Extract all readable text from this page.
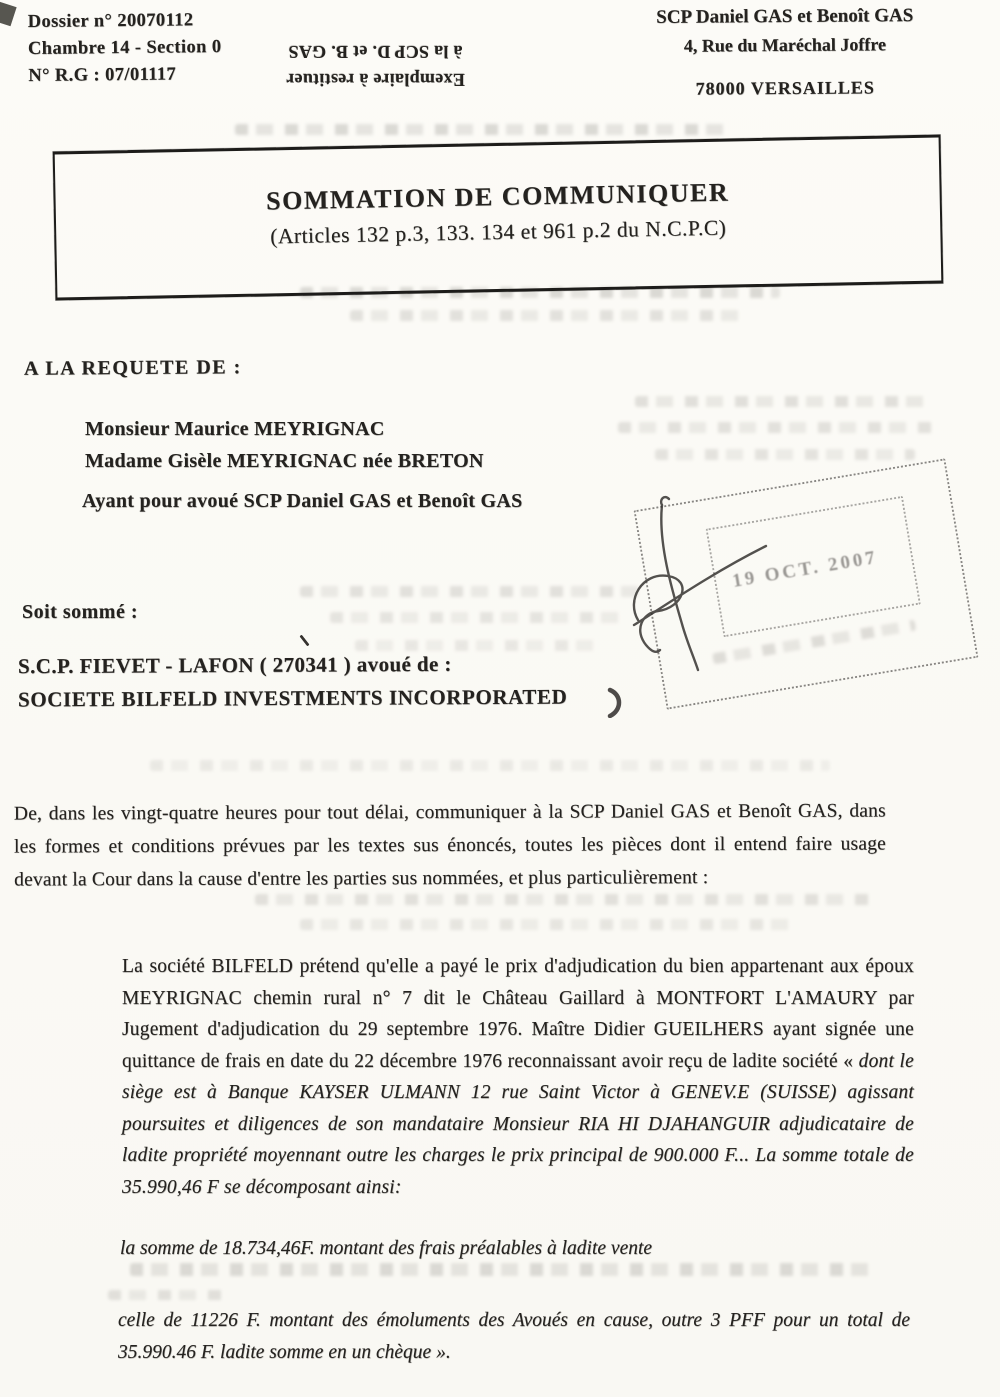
Dossier n° 20070112
Chambre 14 - Section 0
N° R.G : 07/01117	Exemplaire à restituer
à la SCP D. et B. GAS
SCP Daniel GAS et Benoît GAS
4, Rue du Maréchal Joffre
78000 VERSAILLES
SOMMATION DE COMMUNIQUER
(Articles 132 p.3, 133. 134 et 961 p.2 du N.C.P.C)
A LA REQUETE DE :
Monsieur Maurice MEYRIGNAC
Madame Gisèle MEYRIGNAC née BRETON
Ayant pour avoué SCP Daniel GAS et Benoît GAS
19 OCT. 2007
Soit sommé :
S.C.P. FIEVET - LAFON ( 270341 ) avoué de :
SOCIETE BILFELD INVESTMENTS INCORPORATED
De, dans les vingt-quatre heures pour tout délai, communiquer à la SCP Daniel GAS et Benoît GAS, dans les formes et conditions prévues par les textes sus énoncés, toutes les pièces dont il entend faire usage devant la Cour dans la cause d'entre les parties sus nommées, et plus particulièrement :
La société BILFELD prétend qu'elle a payé le prix d'adjudication du bien appartenant aux époux MEYRIGNAC chemin rural n° 7 dit le Château Gaillard à MONTFORT L'AMAURY par Jugement d'adjudication du 29 septembre 1976. Maître Didier GUEILHERS ayant signée une quittance de frais en date du 22 décembre 1976 reconnaissant avoir reçu de ladite société « dont le siège est à Banque KAYSER ULMANN 12 rue Saint Victor à GENEV.E (SUISSE) agissant poursuites et diligences de son mandataire Monsieur RIA HI DJAHANGUIR adjudicataire de ladite propriété moyennant outre les charges le prix principal de 900.000 F... La somme totale de 35.990,46 F se décomposant ainsi:
la somme de 18.734,46F. montant des frais préalables à ladite vente
celle de 11226 F. montant des émoluments des Avoués en cause, outre 3 PFF pour un total de 35.990.46 F. ladite somme en un chèque ».
